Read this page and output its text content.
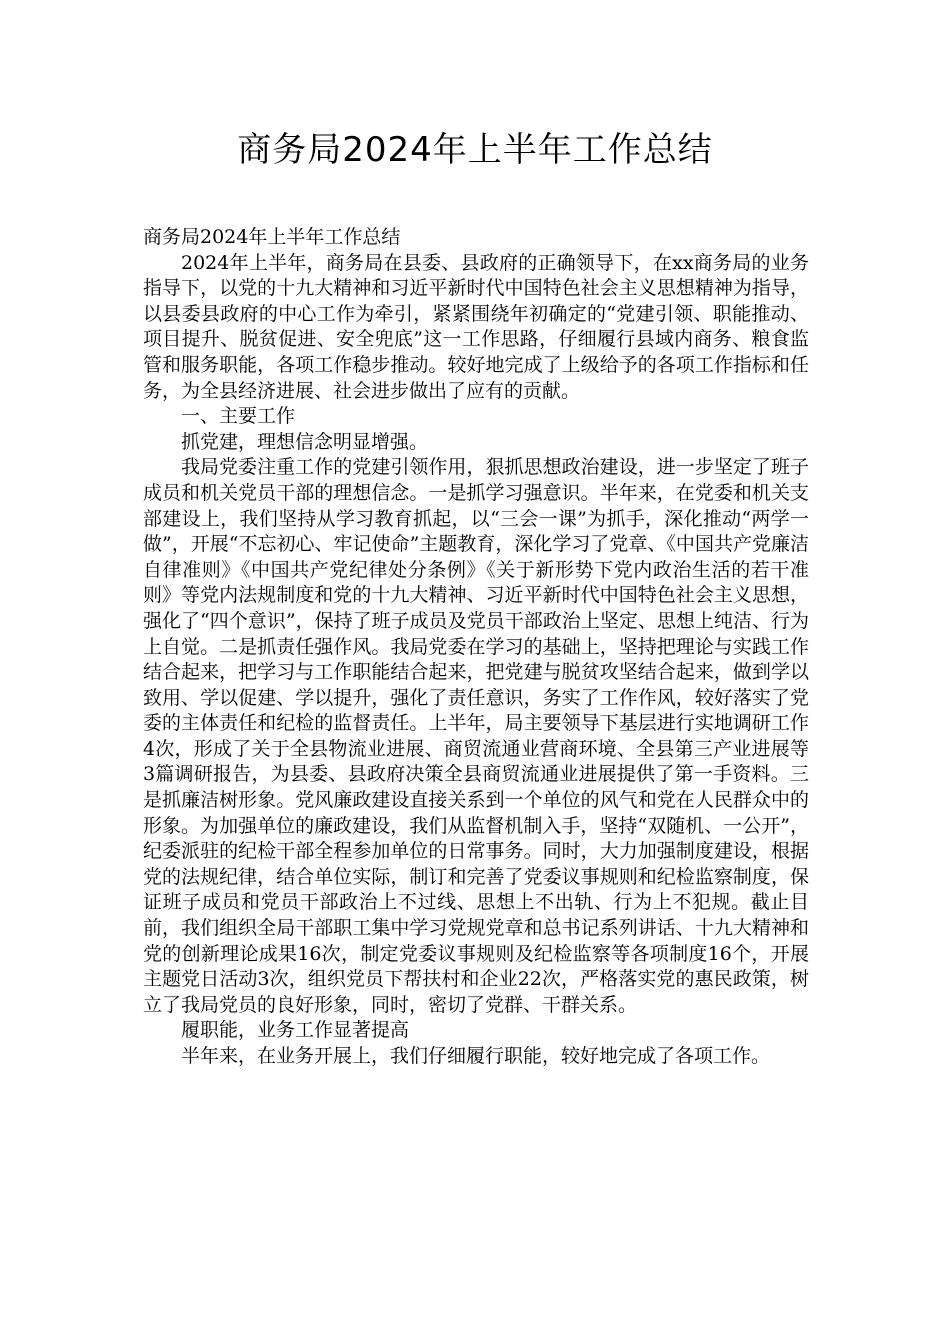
商务局2024年上半年工作总结

商务局2024年上半年工作总结

2024年上半年，商务局在县委、县政府的正确领导下，在xx商务局的业务指导下，以党的十九大精神和习近平新时代中国特色社会主义思想精神为指导，以县委县政府的中心工作为牵引，紧紧围绕年初确定的“党建引领、职能推动、项目提升、脱贫促进、安全兜底”这一工作思路，仔细履行县域内商务、粮食监管和服务职能，各项工作稳步推动。较好地完成了上级给予的各项工作指标和任务，为全县经济进展、社会进步做出了应有的贡献。

一、主要工作

抓党建，理想信念明显增强。

我局党委注重工作的党建引领作用，狠抓思想政治建设，进一步坚定了班子成员和机关党员干部的理想信念。一是抓学习强意识。半年来，在党委和机关支部建设上，我们坚持从学习教育抓起，以“三会一课”为抓手，深化推动“两学一做”，开展“不忘初心、牢记使命”主题教育，深化学习了党章、《中国共产党廉洁自律准则》《中国共产党纪律处分条例》《关于新形势下党内政治生活的若干准则》等党内法规制度和党的十九大精神、习近平新时代中国特色社会主义思想，强化了“四个意识”，保持了班子成员及党员干部政治上坚定、思想上纯洁、行为上自觉。二是抓责任强作风。我局党委在学习的基础上，坚持把理论与实践工作结合起来，把学习与工作职能结合起来，把党建与脱贫攻坚结合起来，做到学以致用、学以促建、学以提升，强化了责任意识，务实了工作作风，较好落实了党委的主体责任和纪检的监督责任。上半年，局主要领导下基层进行实地调研工作4次，形成了关于全县物流业进展、商贸流通业营商环境、全县第三产业进展等3篇调研报告，为县委、县政府决策全县商贸流通业进展提供了第一手资料。三是抓廉洁树形象。党风廉政建设直接关系到一个单位的风气和党在人民群众中的形象。为加强单位的廉政建设，我们从监督机制入手，坚持“双随机、一公开”，纪委派驻的纪检干部全程参加单位的日常事务。同时，大力加强制度建设，根据党的法规纪律，结合单位实际，制订和完善了党委议事规则和纪检监察制度，保证班子成员和党员干部政治上不过线、思想上不出轨、行为上不犯规。截止目前，我们组织全局干部职工集中学习党规党章和总书记系列讲话、十九大精神和党的创新理论成果16次，制定党委议事规则及纪检监察等各项制度16个，开展主题党日活动3次，组织党员下帮扶村和企业22次，严格落实党的惠民政策，树立了我局党员的良好形象，同时，密切了党群、干群关系。

履职能，业务工作显著提高

半年来，在业务开展上，我们仔细履行职能，较好地完成了各项工作。
